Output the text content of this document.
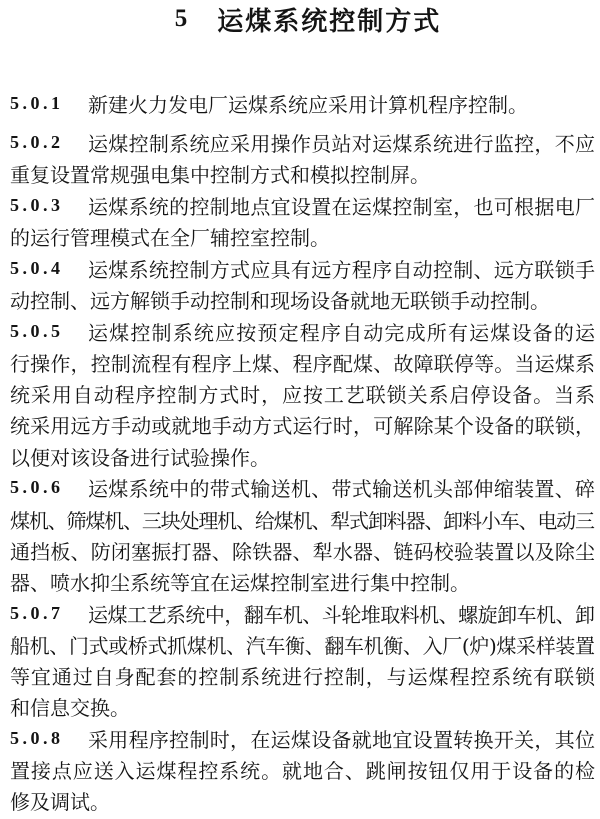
5 运煤系统控制方式
5.0.1	新建火力发电厂运煤系统应采用计算机程序控制。
5.0.2	运煤控制系统应采用操作员站对运煤系统进行监控，不应
重复设置常规强电集中控制方式和模拟控制屏。
5.0.3	运煤系统的控制地点宜设置在运煤控制室，也可根据电厂
的运行管理模式在全厂辅控室控制。
5.0.4	运煤系统控制方式应具有远方程序自动控制、远方联锁手
动控制、远方解锁手动控制和现场设备就地无联锁手动控制。
5.0.5	运煤控制系统应按预定程序自动完成所有运煤设备的运
行操作，控制流程有程序上煤、程序配煤、故障联停等。当运煤系
统采用自动程序控制方式时，应按工艺联锁关系启停设备。当系
统采用远方手动或就地手动方式运行时，可解除某个设备的联锁，
以便对该设备进行试验操作。
5.0.6	运煤系统中的带式输送机、带式输送机头部伸缩装置、碎
煤机、筛煤机、三块处理机、给煤机、犁式卸料器、卸料小车、电动三
通挡板、防闭塞振打器、除铁器、犁水器、链码校验装置以及除尘
器、喷水抑尘系统等宜在运煤控制室进行集中控制。
5.0.7	运煤工艺系统中，翻车机、斗轮堆取料机、螺旋卸车机、卸
船机、门式或桥式抓煤机、汽车衡、翻车机衡、入厂(炉)煤采样装置
等宜通过自身配套的控制系统进行控制，与运煤程控系统有联锁
和信息交换。
5.0.8	采用程序控制时，在运煤设备就地宜设置转换开关，其位
置接点应送入运煤程控系统。就地合、跳闸按钮仅用于设备的检
修及调试。
